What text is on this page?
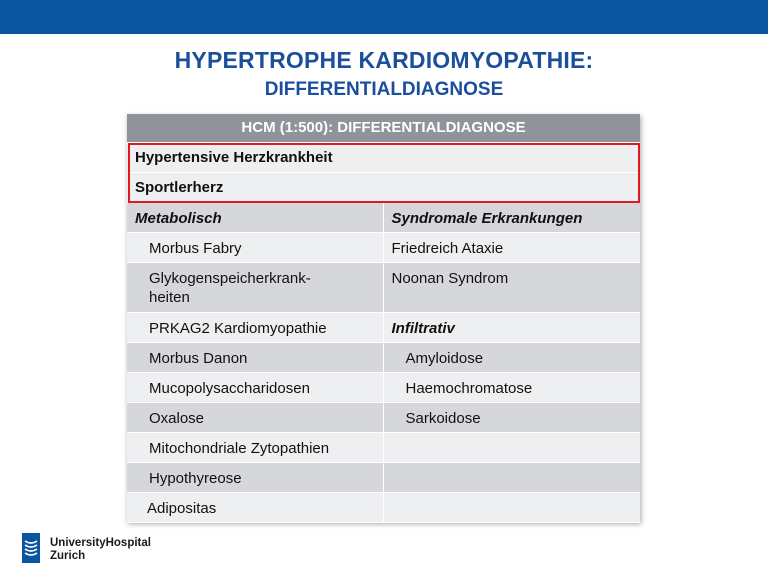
HYPERTROPHE KARDIOMYOPATHIE:
DIFFERENTIALDIAGNOSE
HCM (1:500): DIFFERENTIALDIAGNOSE	
Hypertensive Herzkrankheit	
Sportlerherz	

Metabolisch	Syndromale Erkrankungen

Morbus Fabry	Friedreich Ataxie

Glykogenspeicherkrank-
heiten	Noonan Syndrom

PRKAG2 Kardiomyopathie	Infiltrativ

Morbus Danon	Amyloidose

Mucopolysaccharidosen	Haemochromatose

Oxalose	Sarkoidose

Mitochondriale Zytopathien	

Hypothyreose	

Adipositas	

UniversityHospital
Zurich
